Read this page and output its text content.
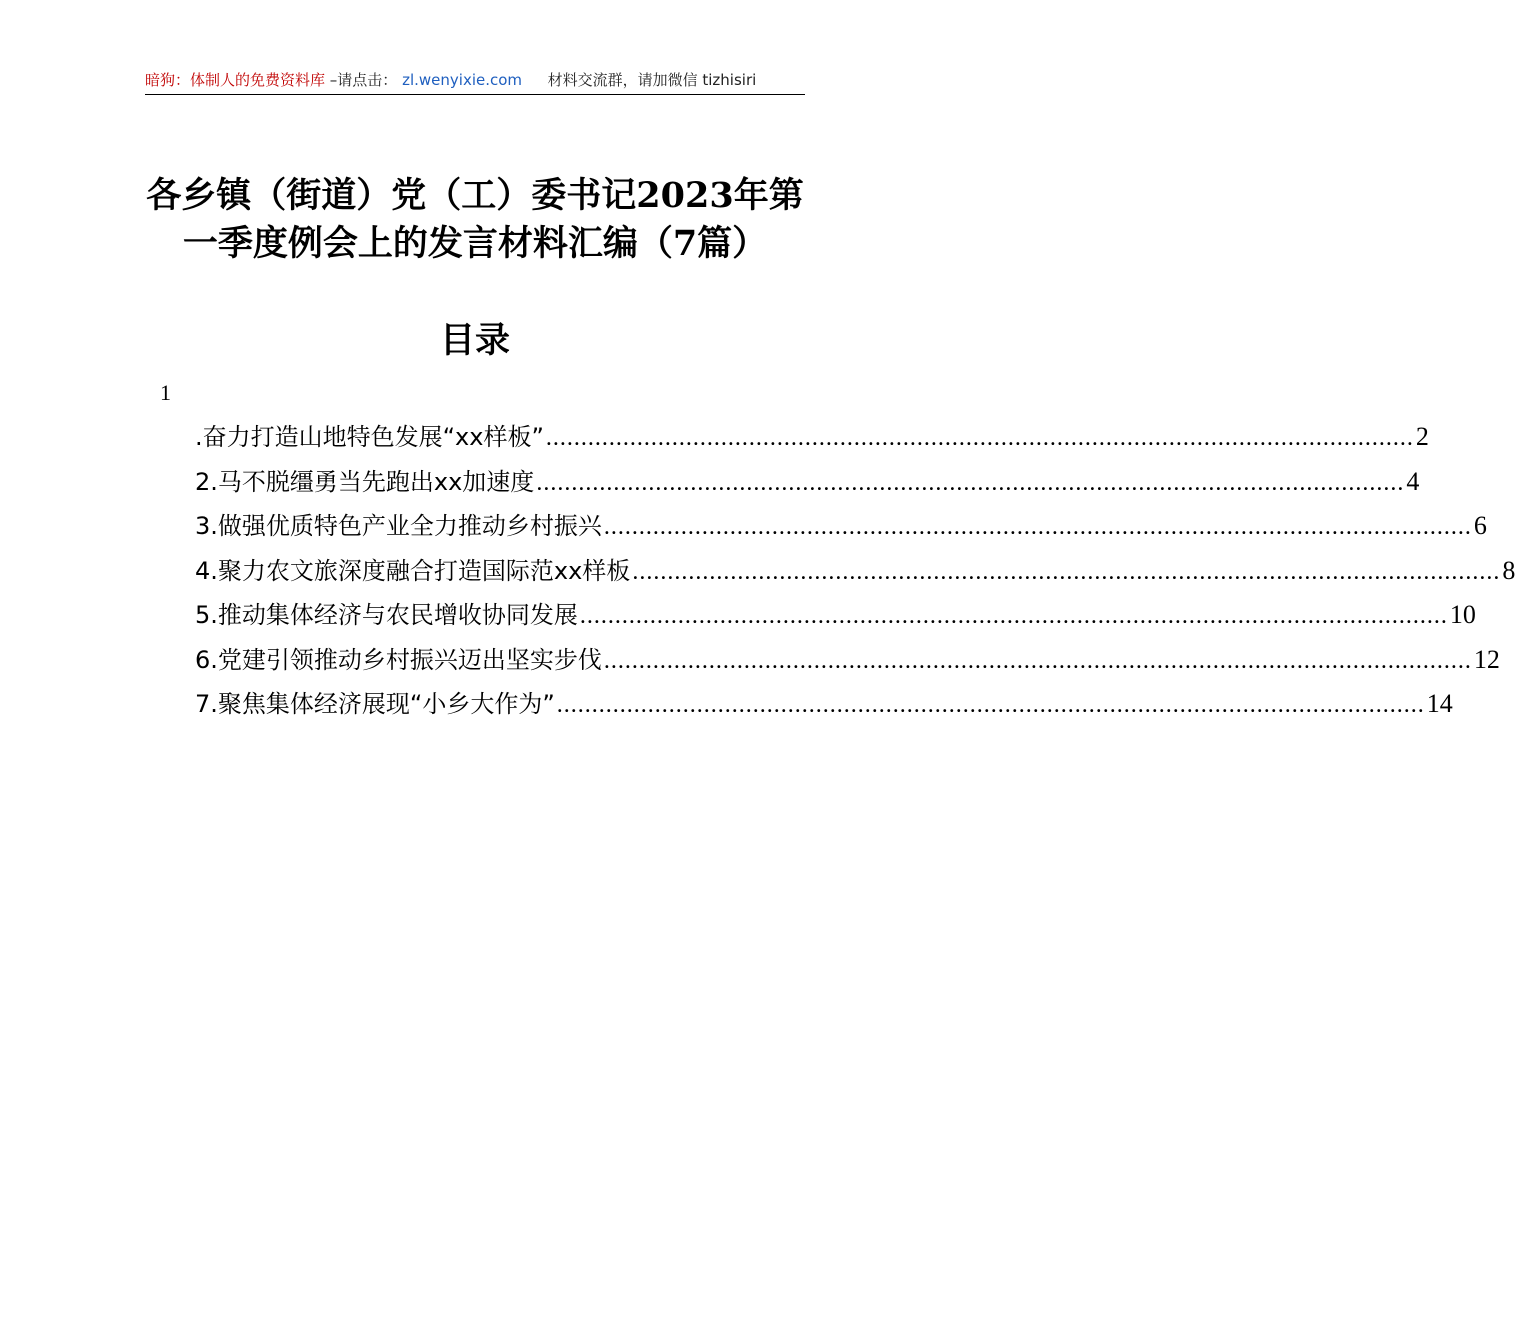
暗狗：体制人的免费资料库 –请点击： zl.wenyixie.com 材料交流群，请加微信 tizhisiri
各乡镇（街道）党（工）委书记2023年第
一季度例会上的发言材料汇编（7篇）
目录
1
.奋力打造山地特色发展“xx样板” ............................................................................................................................ 2
2.马不脱缰勇当先跑出xx加速度 ............................................................................................................................ 4
3.做强优质特色产业全力推动乡村振兴 ............................................................................................................................ 6
4.聚力农文旅深度融合打造国际范xx样板 ............................................................................................................................ 8
5.推动集体经济与农民增收协同发展 ............................................................................................................................ 10
6.党建引领推动乡村振兴迈出坚实步伐 ............................................................................................................................ 12
7.聚焦集体经济展现“小乡大作为” ............................................................................................................................ 14
